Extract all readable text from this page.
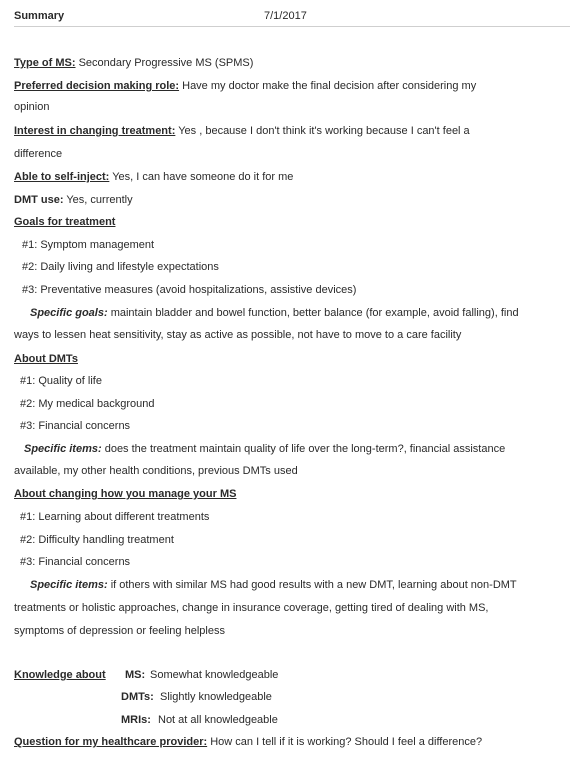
Summary	7/1/2017
Type of MS: Secondary Progressive MS (SPMS)
Preferred decision making role: Have my doctor make the final decision after considering my
opinion
Interest in changing treatment: Yes , because I don't think it's working because I can't feel a
difference
Able to self-inject: Yes, I can have someone do it for me
DMT use: Yes, currently
Goals for treatment
#1: Symptom management
#2: Daily living and lifestyle expectations
#3: Preventative measures (avoid hospitalizations, assistive devices)
Specific goals: maintain bladder and bowel function, better balance (for example, avoid falling), find
ways to lessen heat sensitivity, stay as active as possible, not have to move to a care facility
About DMTs
#1: Quality of life
#2: My medical background
#3: Financial concerns
Specific items: does the treatment maintain quality of life over the long-term?, financial assistance
available, my other health conditions, previous DMTs used
About changing how you manage your MS
#1: Learning about different treatments
#2: Difficulty handling treatment
#3: Financial concerns
Specific items: if others with similar MS had good results with a new DMT, learning about non-DMT
treatments or holistic approaches, change in insurance coverage, getting tired of dealing with MS,
symptoms of depression or feeling helpless
Knowledge about MS: Somewhat knowledgeable
DMTs: Slightly knowledgeable
MRIs: Not at all knowledgeable
Question for my healthcare provider: How can I tell if it is working? Should I feel a difference?
